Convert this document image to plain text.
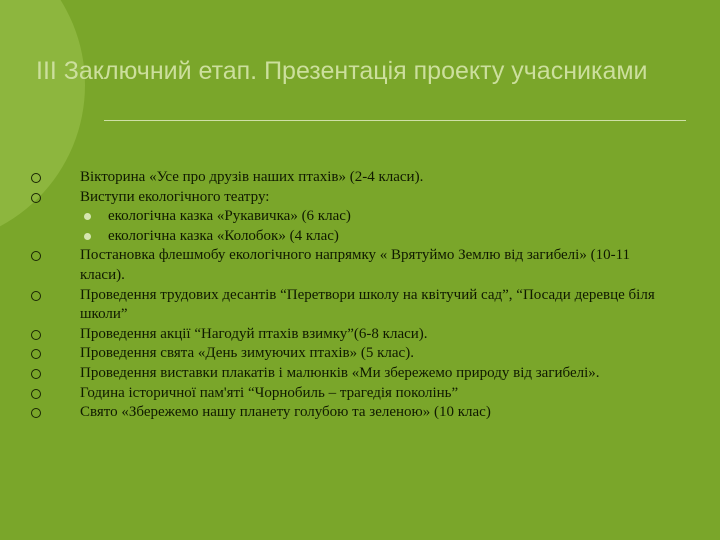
ІІІ Заключний етап. Презентація проекту учасниками
Вікторина «Усе про друзів наших птахів» (2-4 класи).
Виступи екологічного театру:
екологічна казка «Рукавичка» (6 клас)
екологічна казка «Колобок» (4 клас)
Постановка флешмобу екологічного напрямку « Врятуймо Землю від загибелі» (10-11 класи).
Проведення трудових десантів “Перетвори школу на квітучий сад”, “Посади деревце біля школи”
Проведення акції “Нагодуй птахів взимку”(6-8 класи).
Проведення свята «День зимуючих птахів» (5 клас).
Проведення виставки плакатів і малюнків «Ми збережемо природу від загибелі».
Година історичної пам'яті “Чорнобиль – трагедія поколінь”
Свято «Збережемо нашу планету голубою та зеленою» (10 клас)
